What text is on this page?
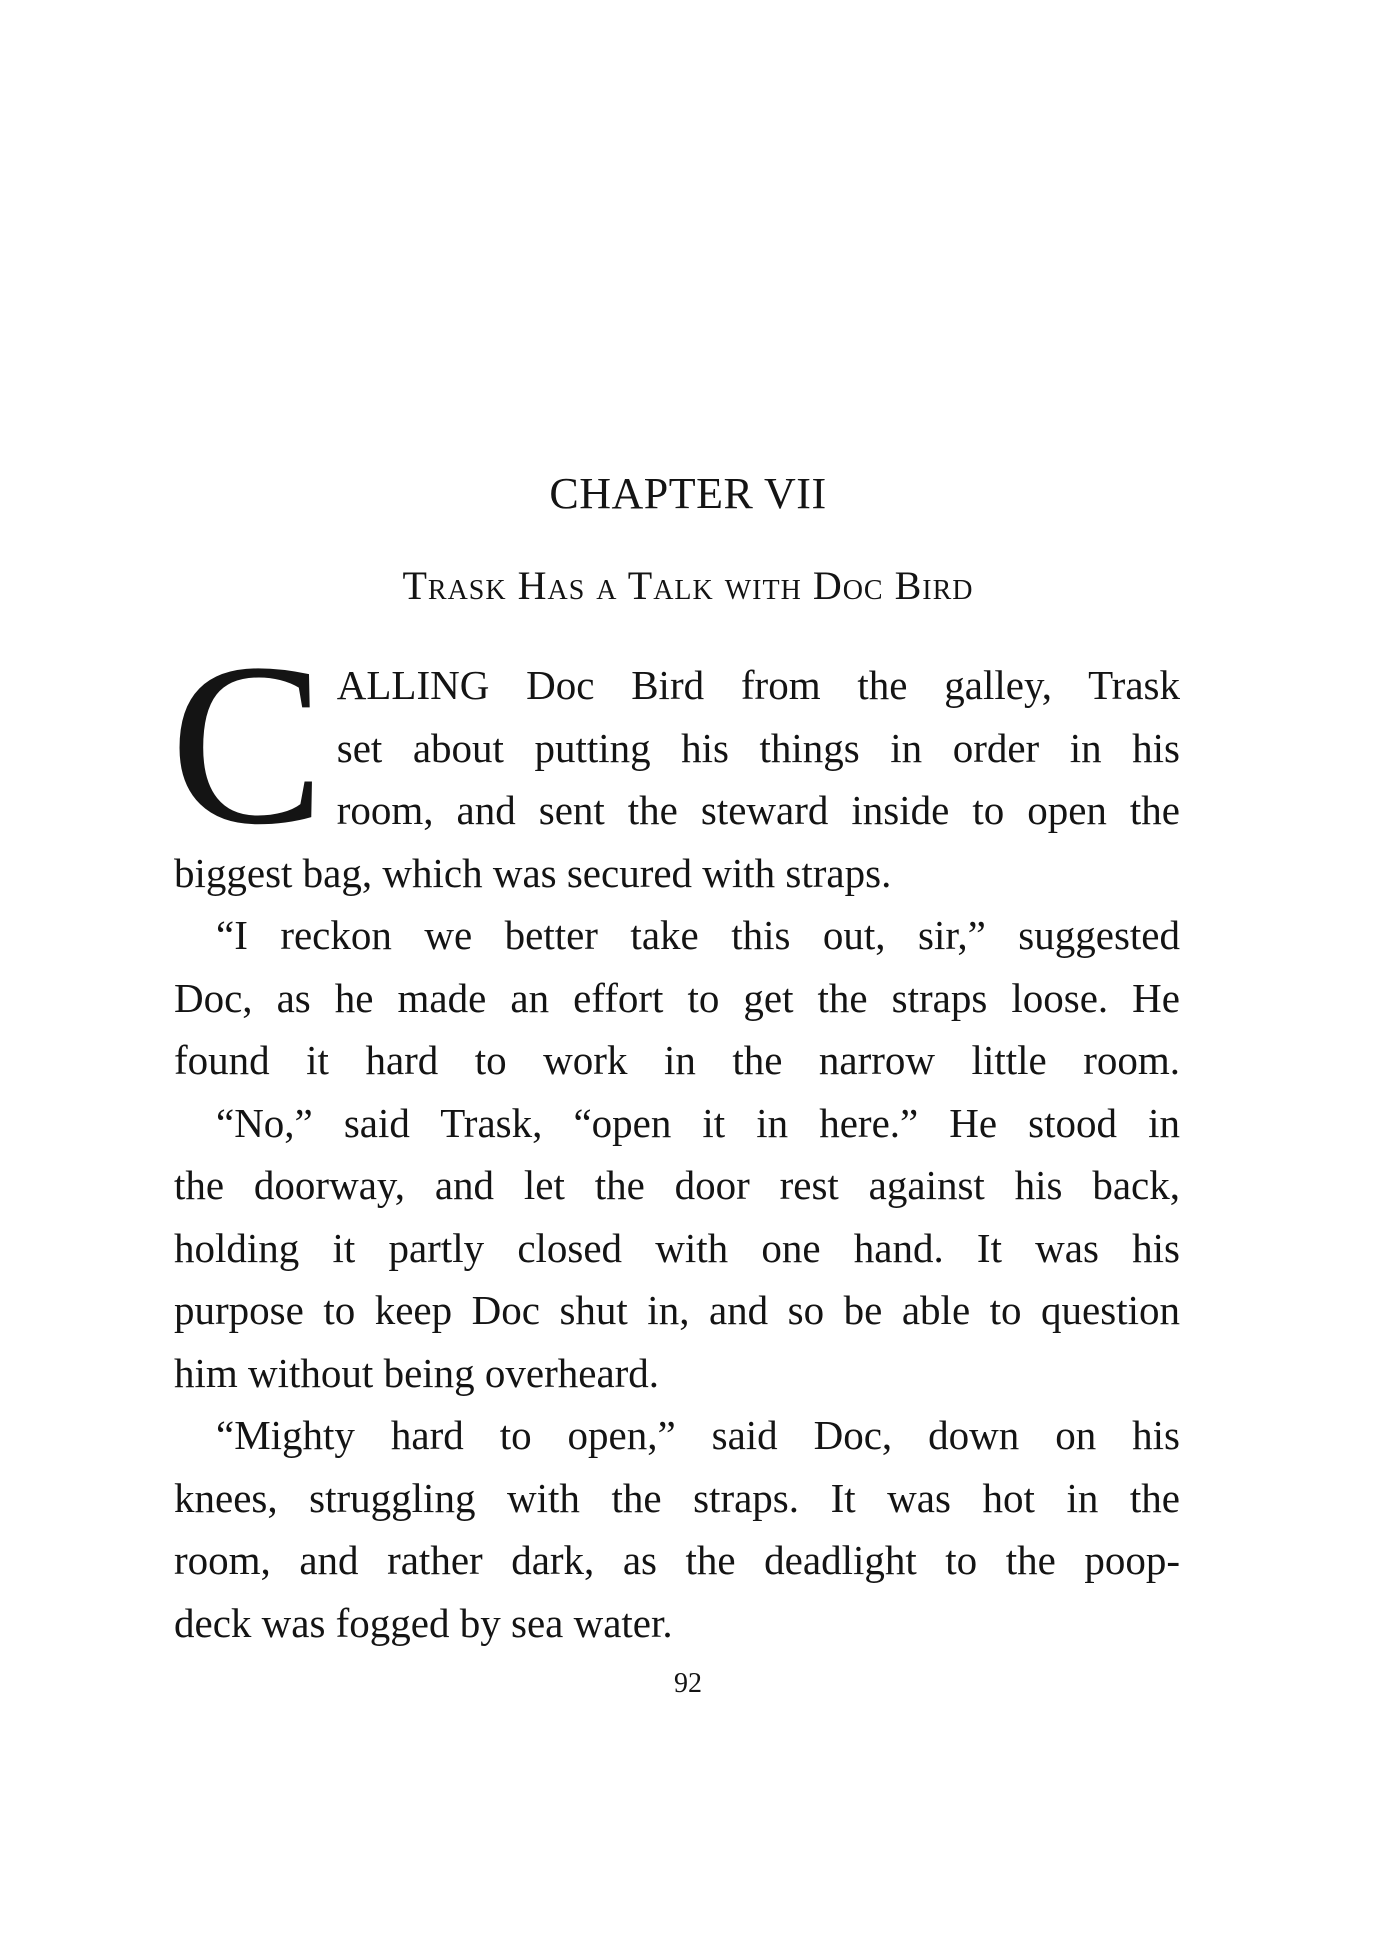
CHAPTER VII
Trask Has a Talk with Doc Bird
C ALLING Doc Bird from the galley, Trask
set about putting his things in order in his
room, and sent the steward inside to open the
biggest bag, which was secured with straps.
“I reckon we better take this out, sir,” suggested
Doc, as he made an effort to get the straps loose. He
found it hard to work in the narrow little room.
“No,” said Trask, “open it in here.” He stood in
the doorway, and let the door rest against his back,
holding it partly closed with one hand. It was his
purpose to keep Doc shut in, and so be able to question
him without being overheard.
“Mighty hard to open,” said Doc, down on his
knees, struggling with the straps. It was hot in the
room, and rather dark, as the deadlight to the poop-
deck was fogged by sea water.
92
